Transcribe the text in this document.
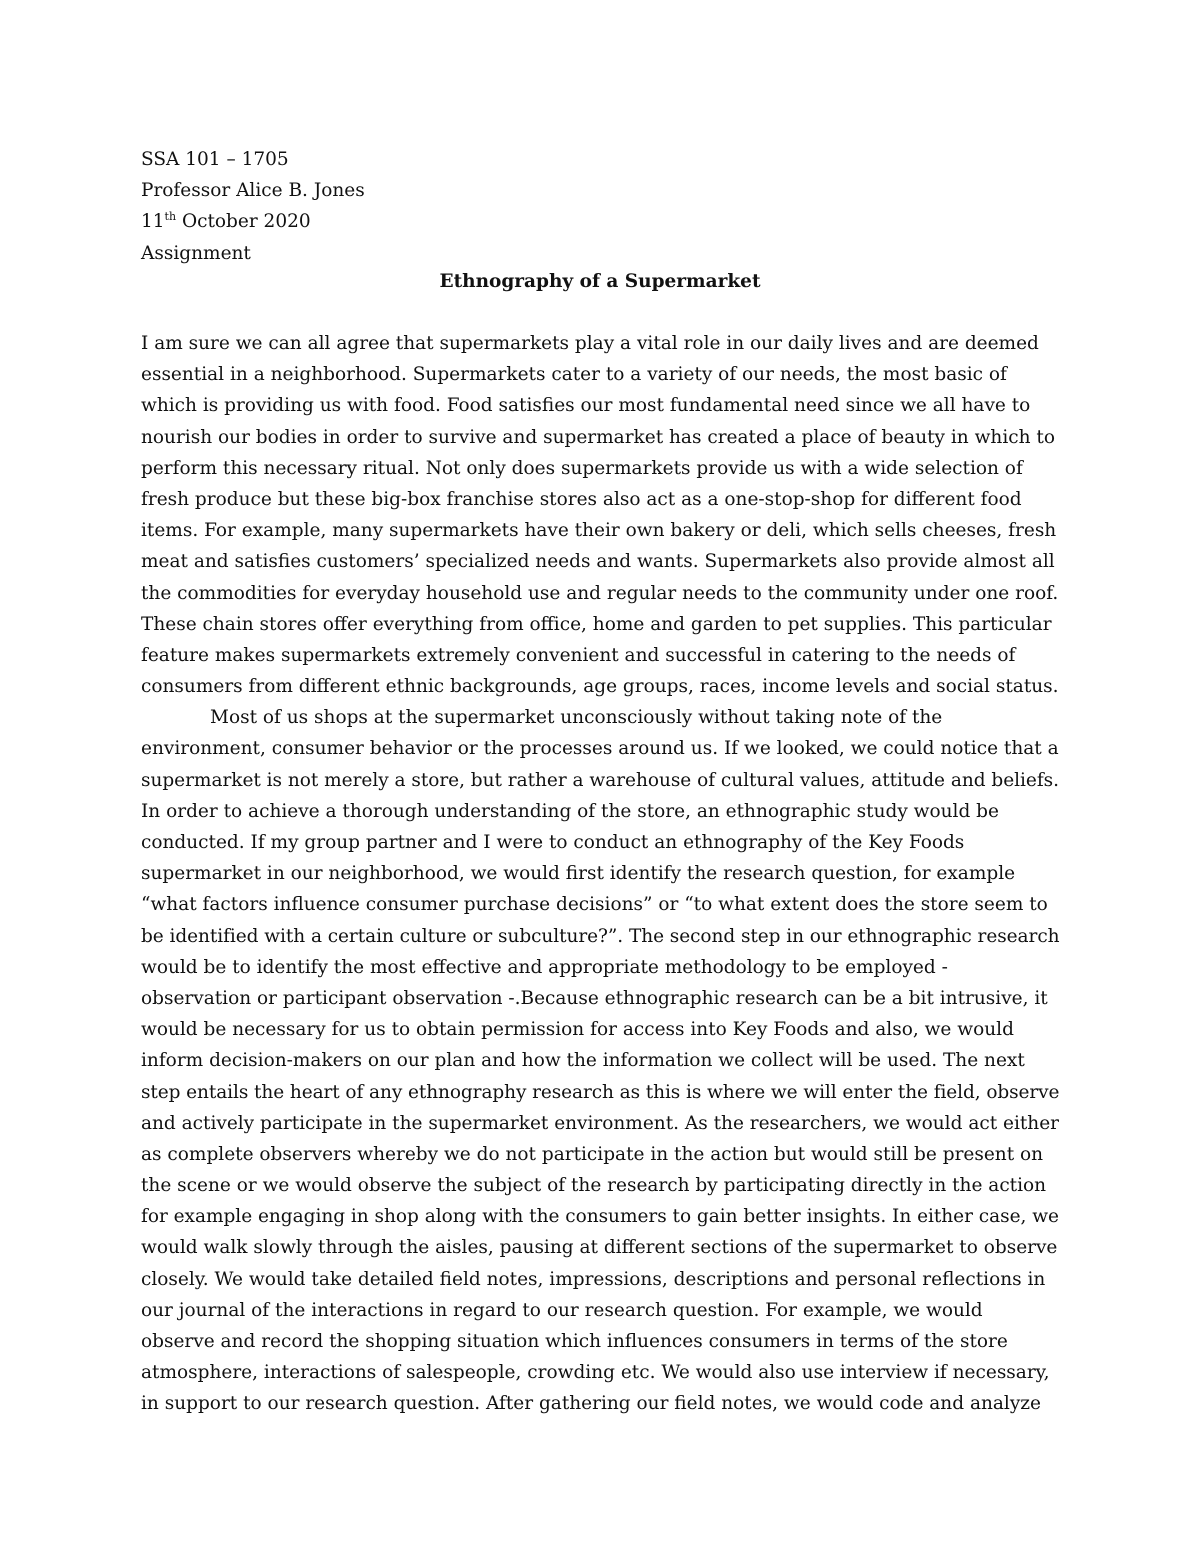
SSA 101 – 1705
Professor Alice B. Jones
11th October 2020
Assignment
Ethnography of a Supermarket
I am sure we can all agree that supermarkets play a vital role in our daily lives and are deemed
essential in a neighborhood. Supermarkets cater to a variety of our needs, the most basic of
which is providing us with food. Food satisfies our most fundamental need since we all have to
nourish our bodies in order to survive and supermarket has created a place of beauty in which to
perform this necessary ritual. Not only does supermarkets provide us with a wide selection of
fresh produce but these big-box franchise stores also act as a one-stop-shop for different food
items. For example, many supermarkets have their own bakery or deli, which sells cheeses, fresh
meat and satisfies customers’ specialized needs and wants. Supermarkets also provide almost all
the commodities for everyday household use and regular needs to the community under one roof.
These chain stores offer everything from office, home and garden to pet supplies. This particular
feature makes supermarkets extremely convenient and successful in catering to the needs of
consumers from different ethnic backgrounds, age groups, races, income levels and social status.
Most of us shops at the supermarket unconsciously without taking note of the
environment, consumer behavior or the processes around us. If we looked, we could notice that a
supermarket is not merely a store, but rather a warehouse of cultural values, attitude and beliefs.
In order to achieve a thorough understanding of the store, an ethnographic study would be
conducted. If my group partner and I were to conduct an ethnography of the Key Foods
supermarket in our neighborhood, we would first identify the research question, for example
“what factors influence consumer purchase decisions” or “to what extent does the store seem to
be identified with a certain culture or subculture?”. The second step in our ethnographic research
would be to identify the most effective and appropriate methodology to be employed -
observation or participant observation -.Because ethnographic research can be a bit intrusive, it
would be necessary for us to obtain permission for access into Key Foods and also, we would
inform decision-makers on our plan and how the information we collect will be used. The next
step entails the heart of any ethnography research as this is where we will enter the field, observe
and actively participate in the supermarket environment. As the researchers, we would act either
as complete observers whereby we do not participate in the action but would still be present on
the scene or we would observe the subject of the research by participating directly in the action
for example engaging in shop along with the consumers to gain better insights. In either case, we
would walk slowly through the aisles, pausing at different sections of the supermarket to observe
closely. We would take detailed field notes, impressions, descriptions and personal reflections in
our journal of the interactions in regard to our research question. For example, we would
observe and record the shopping situation which influences consumers in terms of the store
atmosphere, interactions of salespeople, crowding etc. We would also use interview if necessary,
in support to our research question. After gathering our field notes, we would code and analyze
